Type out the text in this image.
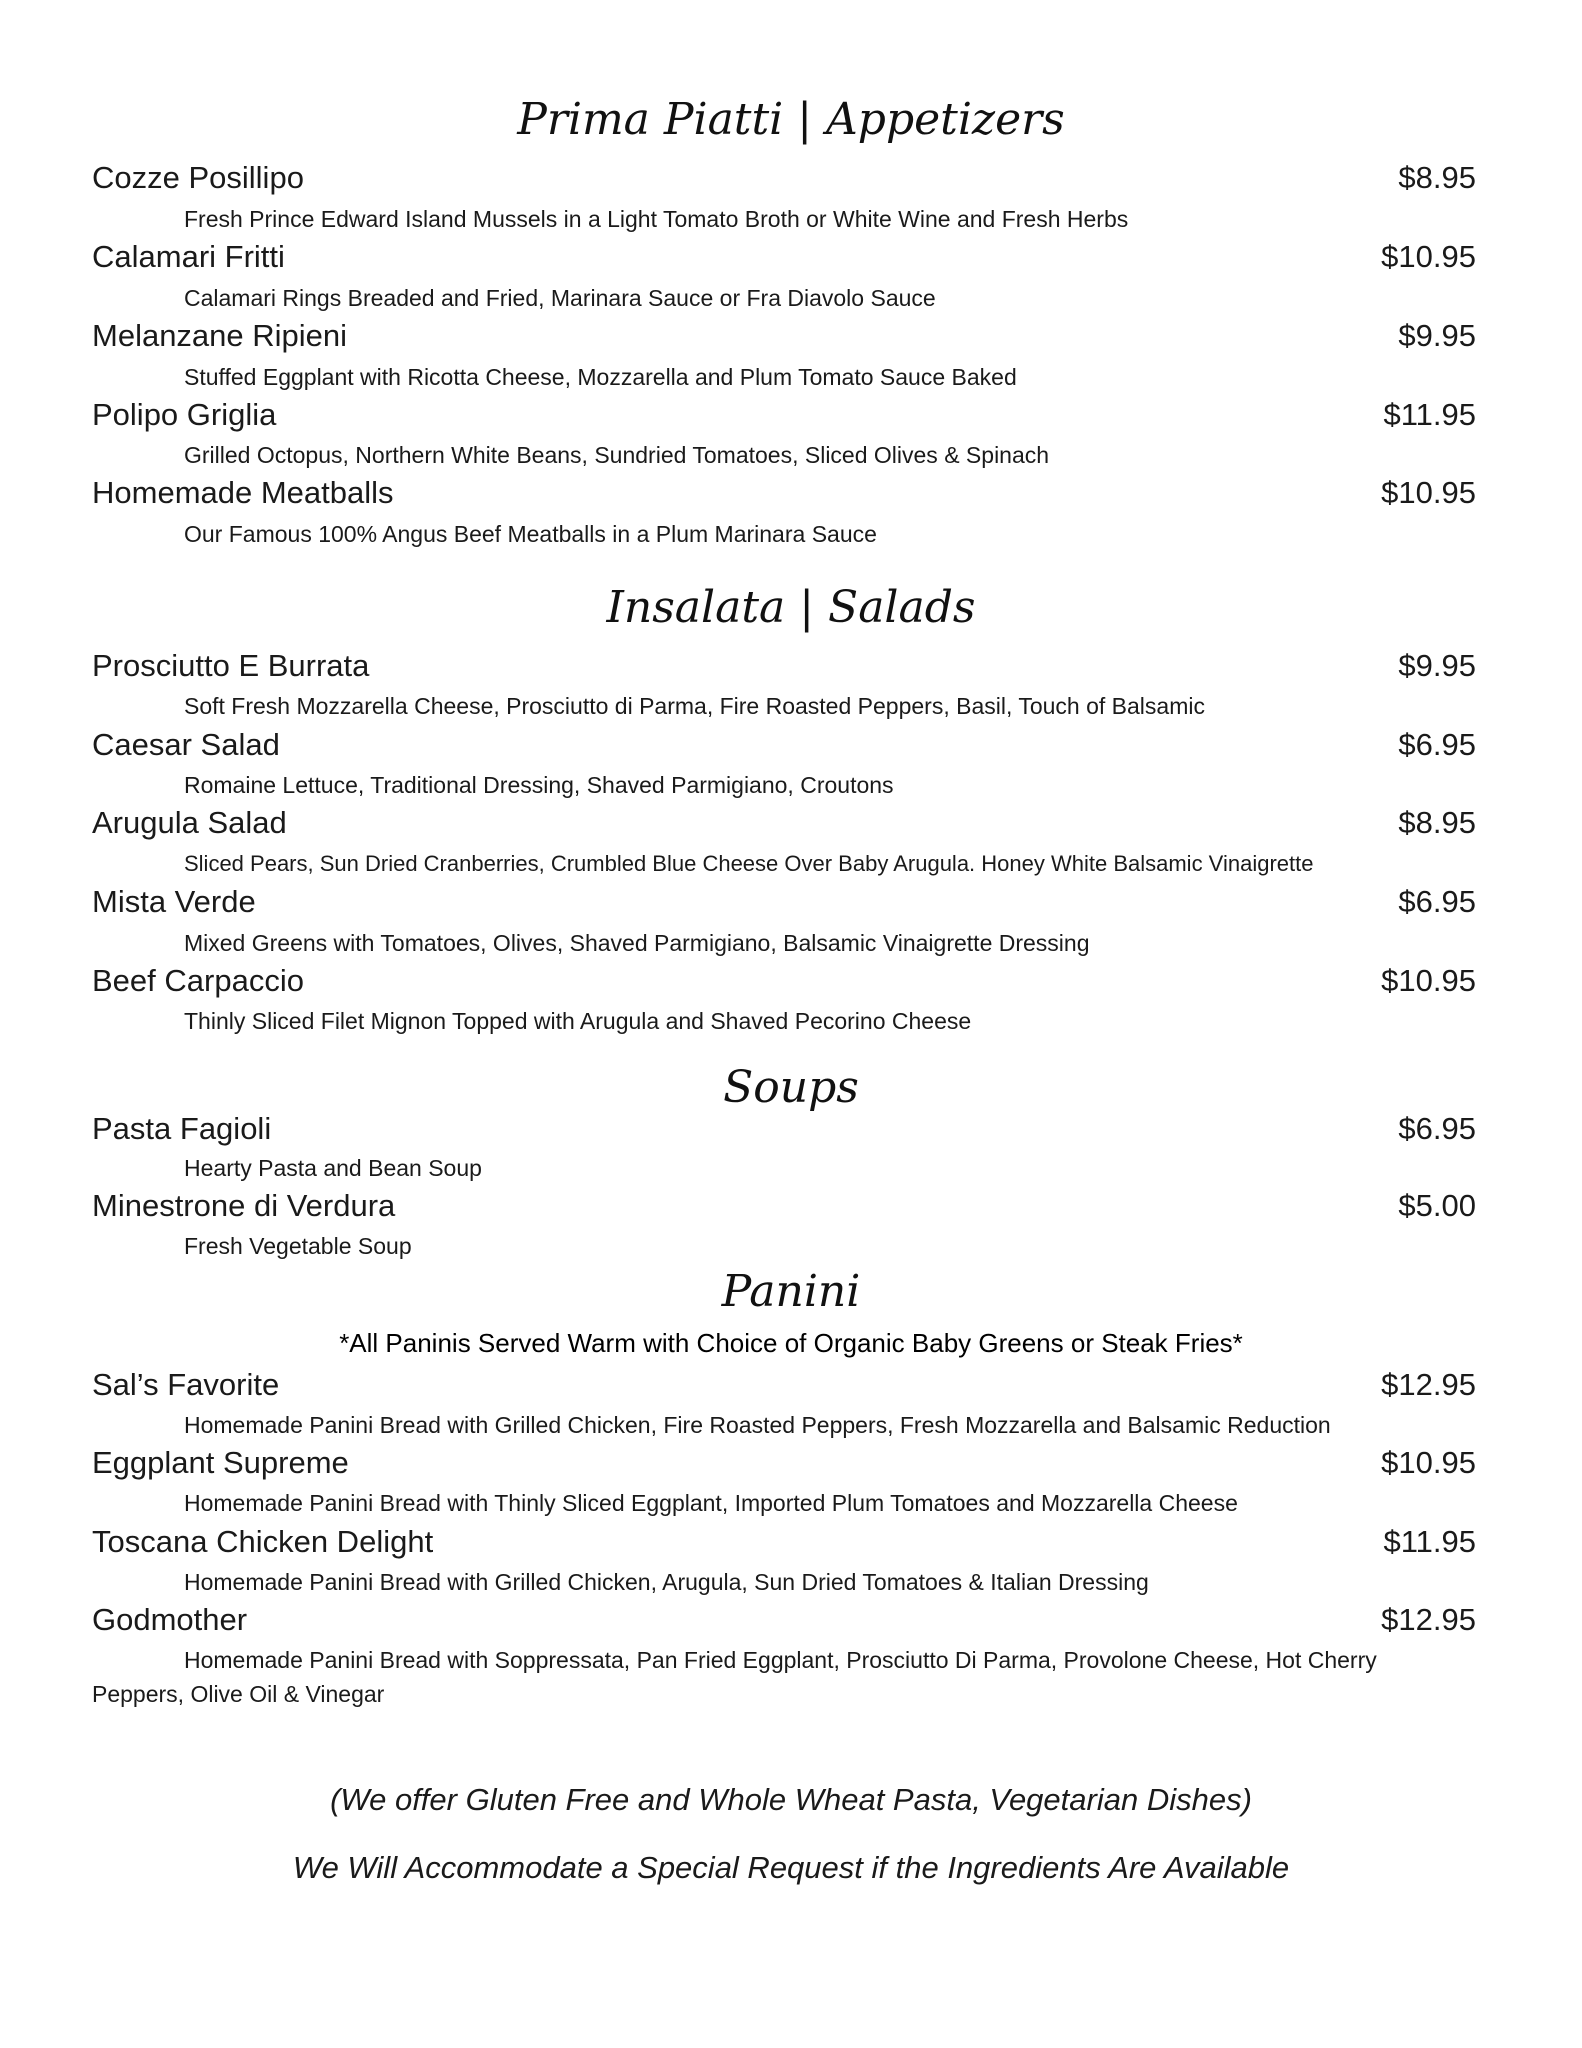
Prima Piatti | Appetizers
Cozze Posillipo	$8.95
Fresh Prince Edward Island Mussels in a Light Tomato Broth or White Wine and Fresh Herbs
Calamari Fritti	$10.95
Calamari Rings Breaded and Fried, Marinara Sauce or Fra Diavolo Sauce
Melanzane Ripieni	$9.95
Stuffed Eggplant with Ricotta Cheese, Mozzarella and Plum Tomato Sauce Baked
Polipo Griglia	$11.95
Grilled Octopus, Northern White Beans, Sundried Tomatoes, Sliced Olives & Spinach
Homemade Meatballs	$10.95
Our Famous 100% Angus Beef Meatballs in a Plum Marinara Sauce
Insalata | Salads
Prosciutto E Burrata	$9.95
Soft Fresh Mozzarella Cheese, Prosciutto di Parma, Fire Roasted Peppers, Basil, Touch of Balsamic
Caesar Salad	$6.95
Romaine Lettuce, Traditional Dressing, Shaved Parmigiano, Croutons
Arugula Salad	$8.95
Sliced Pears, Sun Dried Cranberries, Crumbled Blue Cheese Over Baby Arugula. Honey White Balsamic Vinaigrette
Mista Verde	$6.95
Mixed Greens with Tomatoes, Olives, Shaved Parmigiano, Balsamic Vinaigrette Dressing
Beef Carpaccio	$10.95
Thinly Sliced Filet Mignon Topped with Arugula and Shaved Pecorino Cheese
Soups
Pasta Fagioli	$6.95
Hearty Pasta and Bean Soup
Minestrone di Verdura	$5.00
Fresh Vegetable Soup
Panini
*All Paninis Served Warm with Choice of Organic Baby Greens or Steak Fries*
Sal’s Favorite	$12.95
Homemade Panini Bread with Grilled Chicken, Fire Roasted Peppers, Fresh Mozzarella and Balsamic Reduction
Eggplant Supreme	$10.95
Homemade Panini Bread with Thinly Sliced Eggplant, Imported Plum Tomatoes and Mozzarella Cheese
Toscana Chicken Delight	$11.95
Homemade Panini Bread with Grilled Chicken, Arugula, Sun Dried Tomatoes & Italian Dressing
Godmother	$12.95
Homemade Panini Bread with Soppressata, Pan Fried Eggplant, Prosciutto Di Parma, Provolone Cheese, Hot Cherry Peppers, Olive Oil & Vinegar
(We offer Gluten Free and Whole Wheat Pasta, Vegetarian Dishes)
We Will Accommodate a Special Request if the Ingredients Are Available
